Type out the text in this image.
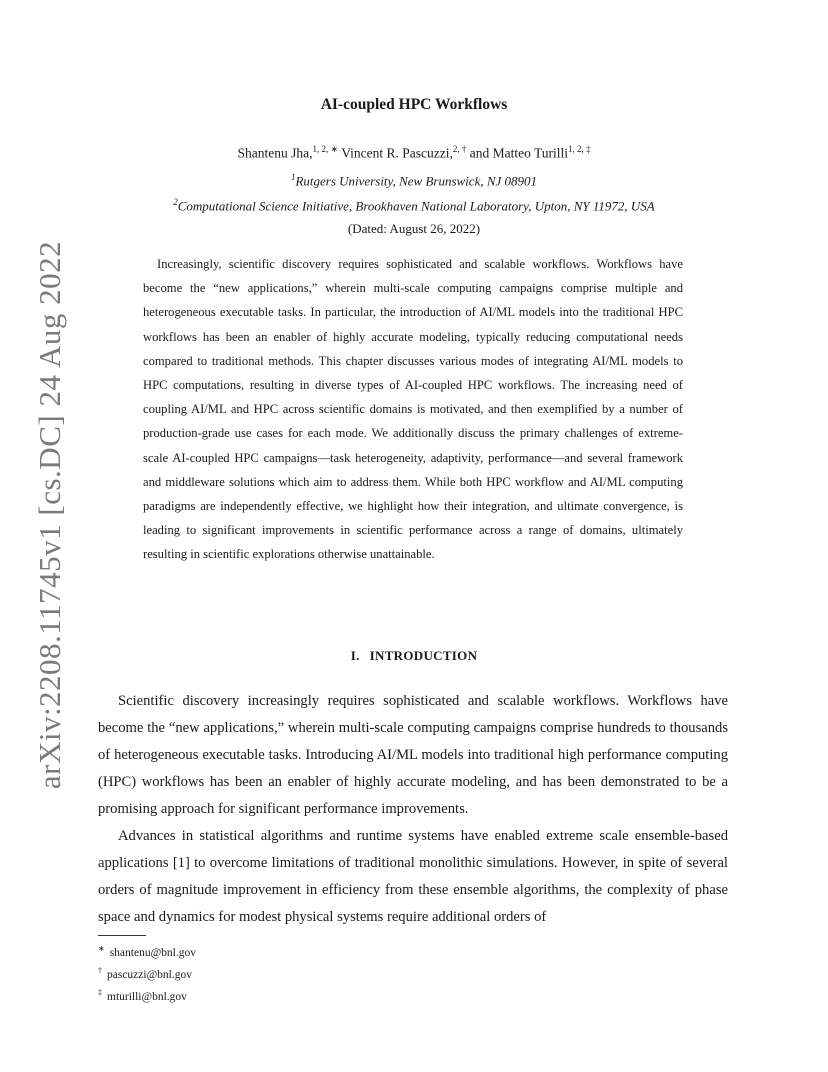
arXiv:2208.11745v1 [cs.DC] 24 Aug 2022
AI-coupled HPC Workflows
Shantenu Jha,$^{1, 2, ∗}$ Vincent R. Pascuzzi,$^{2, \dagger}$ and Matteo Turilli$^{1, 2, \ddagger}$
$^1$Rutgers University, New Brunswick, NJ 08901
$^2$Computational Science Initiative, Brookhaven National Laboratory, Upton, NY 11972, USA
(Dated: August 26, 2022)

Increasingly, scientific discovery requires sophisticated and scalable workflows. Workflows have become the “new applications,” wherein multi-scale computing campaigns comprise multiple and heterogeneous executable tasks. In particular, the introduction of AI/ML models into the traditional HPC workflows has been an enabler of highly accurate modeling, typically reducing computational needs compared to traditional methods. This chapter discusses various modes of integrating AI/ML models to HPC computations, resulting in diverse types of AI-coupled HPC workflows. The increasing need of coupling AI/ML and HPC across scientific domains is motivated, and then exemplified by a number of production-grade use cases for each mode. We additionally discuss the primary challenges of extreme-scale AI-coupled HPC campaigns—task heterogeneity, adaptivity, performance—and several framework and middleware solutions which aim to address them. While both HPC workflow and AI/ML computing paradigms are independently effective, we highlight how their integration, and ultimate convergence, is leading to significant improvements in scientific performance across a range of domains, ultimately resulting in scientific explorations otherwise unattainable.

I. INTRODUCTION

Scientific discovery increasingly requires sophisticated and scalable workflows. Workflows have become the “new applications,” wherein multi-scale computing campaigns comprise hundreds to thousands of heterogeneous executable tasks. Introducing AI/ML models into traditional high performance computing (HPC) workflows has been an enabler of highly accurate modeling, and has been demonstrated to be a promising approach for significant performance improvements.

Advances in statistical algorithms and runtime systems have enabled extreme scale ensemble-based applications [1] to overcome limitations of traditional monolithic simulations. However, in spite of several orders of magnitude improvement in efficiency from these ensemble algorithms, the complexity of phase space and dynamics for modest physical systems require additional orders of

∗ shantenu@bnl.gov
† pascuzzi@bnl.gov
‡ mturilli@bnl.gov
